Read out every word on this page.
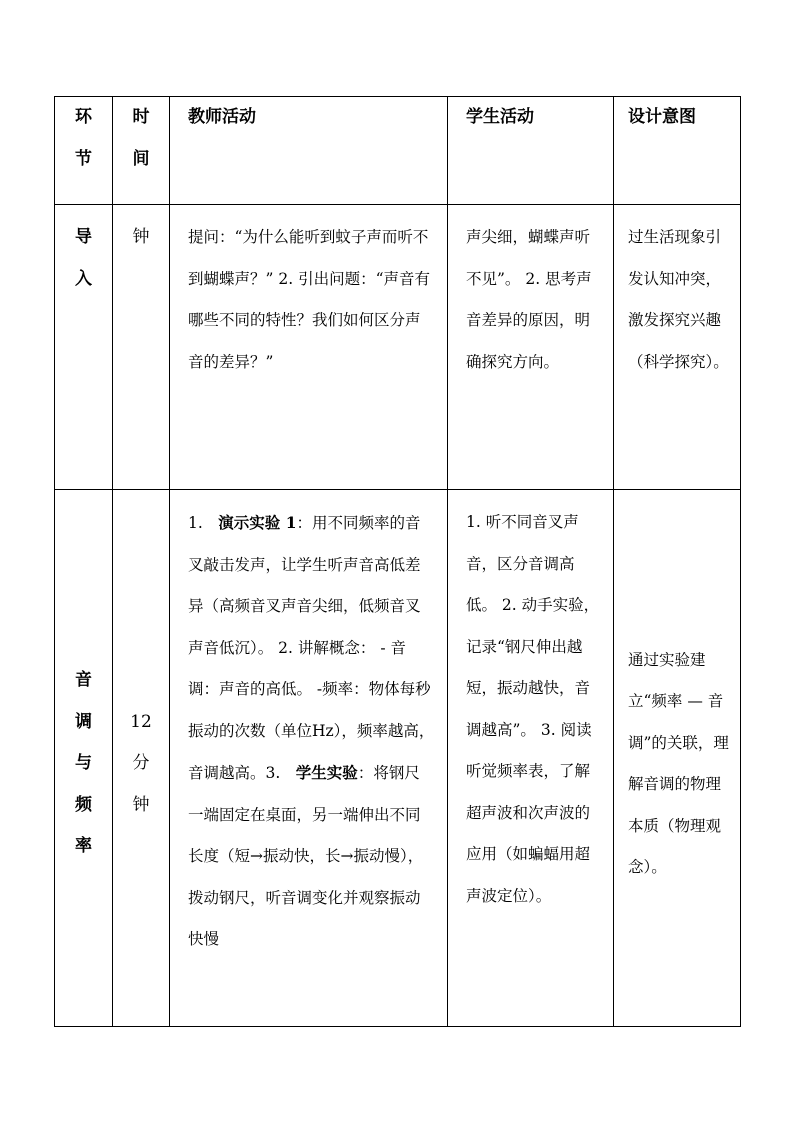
环
节	时
间	教师活动	学生活动	设计意图

导
入	钟	提问：“为什么能听到蚊子声而听不到蝴蝶声？” 2. 引出问题：“声音有哪些不同的特性？我们如何区分声音的差异？”	声尖细，蝴蝶声听不见”。 2. 思考声音差异的原因，明确探究方向。	过生活现象引发认知冲突，激发探究兴趣（科学探究）。

音
调
与
频
率	12
分
钟	1.　演示实验 1：用不同频率的音叉敲击发声，让学生听声音高低差异（高频音叉声音尖细，低频音叉声音低沉）。 2. 讲解概念： - 音调：声音的高低。 -频率：物体每秒振动的次数（单位Hz），频率越高，音调越高。3.　学生实验：将钢尺一端固定在桌面，另一端伸出不同长度（短→振动快，长→振动慢），拨动钢尺，听音调变化并观察振动快慢	1. 听不同音叉声音，区分音调高低。 2. 动手实验，记录“钢尺伸出越短，振动越快，音调越高”。 3. 阅读听觉频率表，了解超声波和次声波的应用（如蝙蝠用超声波定位）。	通过实验建立“频率 — 音调”的关联，理解音调的物理本质（物理观念）。
